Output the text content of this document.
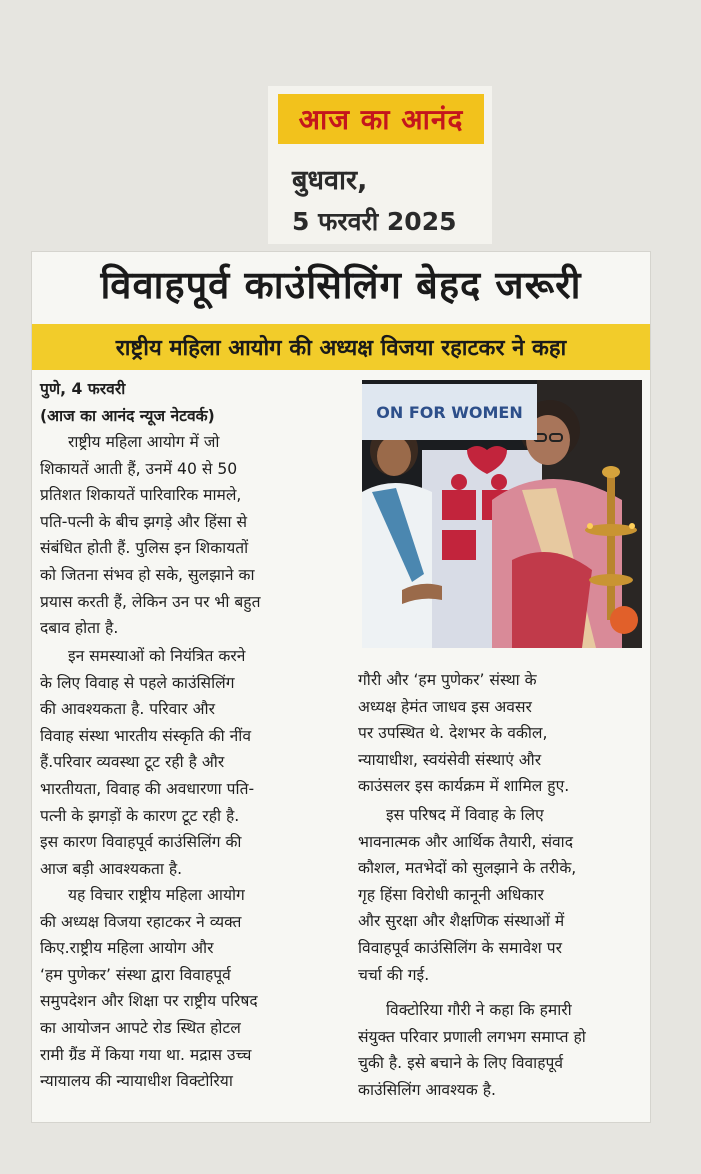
आज का आनंद
बुधवार,
5 फरवरी 2025
विवाहपूर्व काउंसिलिंग बेहद जरूरी
राष्ट्रीय महिला आयोग की अध्यक्ष विजया रहाटकर ने कहा

पुणे, 4 फरवरी

(आज का आनंद न्यूज नेटवर्क)

राष्ट्रीय महिला आयोग में जो
शिकायतें आती हैं, उनमें 40 से 50
प्रतिशत शिकायतें पारिवारिक मामले,
पति-पत्नी के बीच झगड़े और हिंसा से
संबंधित होती हैं. पुलिस इन शिकायतों
को जितना संभव हो सके, सुलझाने का
प्रयास करती हैं, लेकिन उन पर भी बहुत
दबाव होता है.

इन समस्याओं को नियंत्रित करने
के लिए विवाह से पहले काउंसिलिंग
की आवश्यकता है. परिवार और
विवाह संस्था भारतीय संस्कृति की नींव
हैं.परिवार व्यवस्था टूट रही है और
भारतीयता, विवाह की अवधारणा पति-
पत्नी के झगड़ों के कारण टूट रही है.
इस कारण विवाहपूर्व काउंसिलिंग की
आज बड़ी आवश्यकता है.

यह विचार राष्ट्रीय महिला आयोग
की अध्यक्ष विजया रहाटकर ने व्यक्त
किए.राष्ट्रीय महिला आयोग और
‘हम पुणेकर’ संस्था द्वारा विवाहपूर्व
समुपदेशन और शिक्षा पर राष्ट्रीय परिषद
का आयोजन आपटे रोड स्थित होटल
रामी ग्रैंड में किया गया था. मद्रास उच्च
न्यायालय की न्यायाधीश विक्टोरिया

ON FOR WOMEN

गौरी और ‘हम पुणेकर’ संस्था के
अध्यक्ष हेमंत जाधव इस अवसर
पर उपस्थित थे. देशभर के वकील,
न्यायाधीश, स्वयंसेवी संस्थाएं और
काउंसलर इस कार्यक्रम में शामिल हुए.

इस परिषद में विवाह के लिए
भावनात्मक और आर्थिक तैयारी, संवाद
कौशल, मतभेदों को सुलझाने के तरीके,
गृह हिंसा विरोधी कानूनी अधिकार
और सुरक्षा और शैक्षणिक संस्थाओं में
विवाहपूर्व काउंसिलिंग के समावेश पर
चर्चा की गई.

विक्टोरिया गौरी ने कहा कि हमारी
संयुक्त परिवार प्रणाली लगभग समाप्त हो
चुकी है. इसे बचाने के लिए विवाहपूर्व
काउंसिलिंग आवश्यक है.
